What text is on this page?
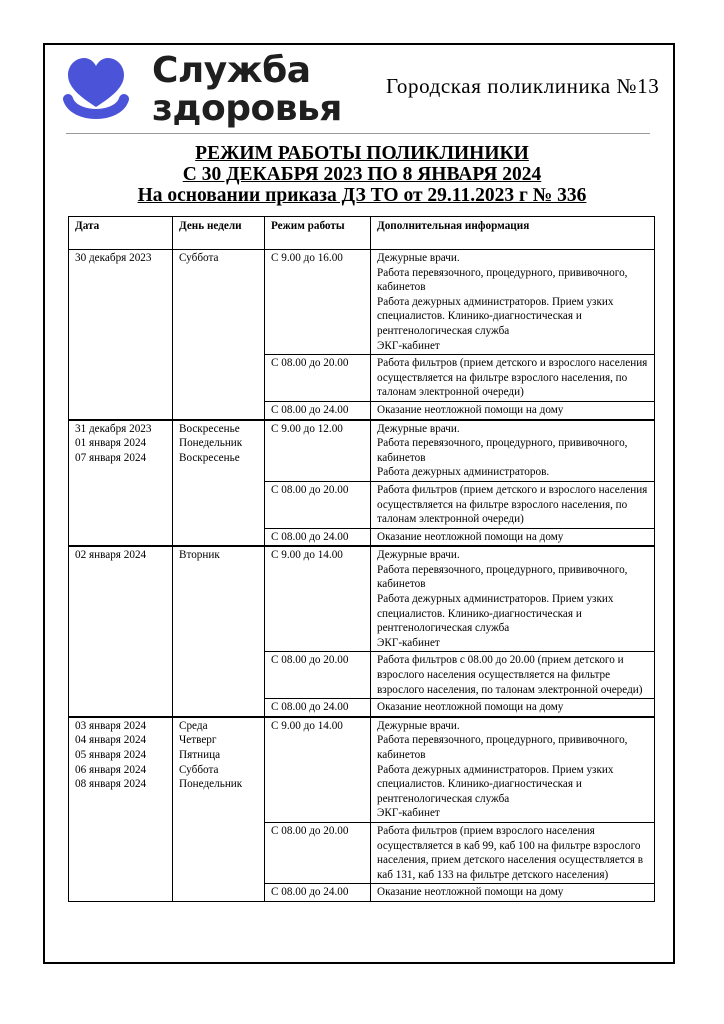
Служба
здоровья
Городская поликлиника №13
РЕЖИМ РАБОТЫ ПОЛИКЛИНИКИ
С 30 ДЕКАБРЯ 2023 ПО 8 ЯНВАРЯ 2024
На основании приказа ДЗ ТО от 29.11.2023 г № 336
Дата	День недели	Режим работы	Дополнительная информация
30 декабря 2023	Суббота	С 9.00 до 16.00	Дежурные врачи.
Работа перевязочного, процедурного, прививочного, кабинетов
Работа дежурных администраторов. Прием узких специалистов. Клинико-диагностическая и рентгенологическая служба
ЭКГ-кабинет
		С 08.00 до 20.00	Работа фильтров (прием детского и взрослого населения осуществляется на фильтре взрослого населения, по талонам электронной очереди)
		С 08.00 до 24.00	Оказание неотложной помощи на дому
31 декабря 2023
01 января 2024
07 января 2024	Воскресенье
Понедельник
Воскресенье	С 9.00 до 12.00	Дежурные врачи.
Работа перевязочного, процедурного, прививочного, кабинетов
Работа дежурных администраторов.
		С 08.00 до 20.00	Работа фильтров (прием детского и взрослого населения осуществляется на фильтре взрослого населения, по талонам электронной очереди)
		С 08.00 до 24.00	Оказание неотложной помощи на дому
02 января 2024	Вторник	С 9.00 до 14.00	Дежурные врачи.
Работа перевязочного, процедурного, прививочного, кабинетов
Работа дежурных администраторов. Прием узких специалистов. Клинико-диагностическая и рентгенологическая служба
ЭКГ-кабинет
		С 08.00 до 20.00	Работа фильтров с 08.00 до 20.00 (прием детского и взрослого населения осуществляется на фильтре взрослого населения, по талонам электронной очереди)
		С 08.00 до 24.00	Оказание неотложной помощи на дому
03 января 2024
04 января 2024
05 января 2024
06 января 2024
08 января 2024	Среда
Четверг
Пятница
Суббота
Понедельник	С 9.00 до 14.00	Дежурные врачи.
Работа перевязочного, процедурного, прививочного, кабинетов
Работа дежурных администраторов. Прием узких специалистов. Клинико-диагностическая и рентгенологическая служба
ЭКГ-кабинет
		С 08.00 до 20.00	Работа фильтров (прием взрослого населения осуществляется в каб 99, каб 100 на фильтре взрослого населения, прием детского населения осуществляется в каб 131, каб 133 на фильтре детского населения)
		С 08.00 до 24.00	Оказание неотложной помощи на дому
